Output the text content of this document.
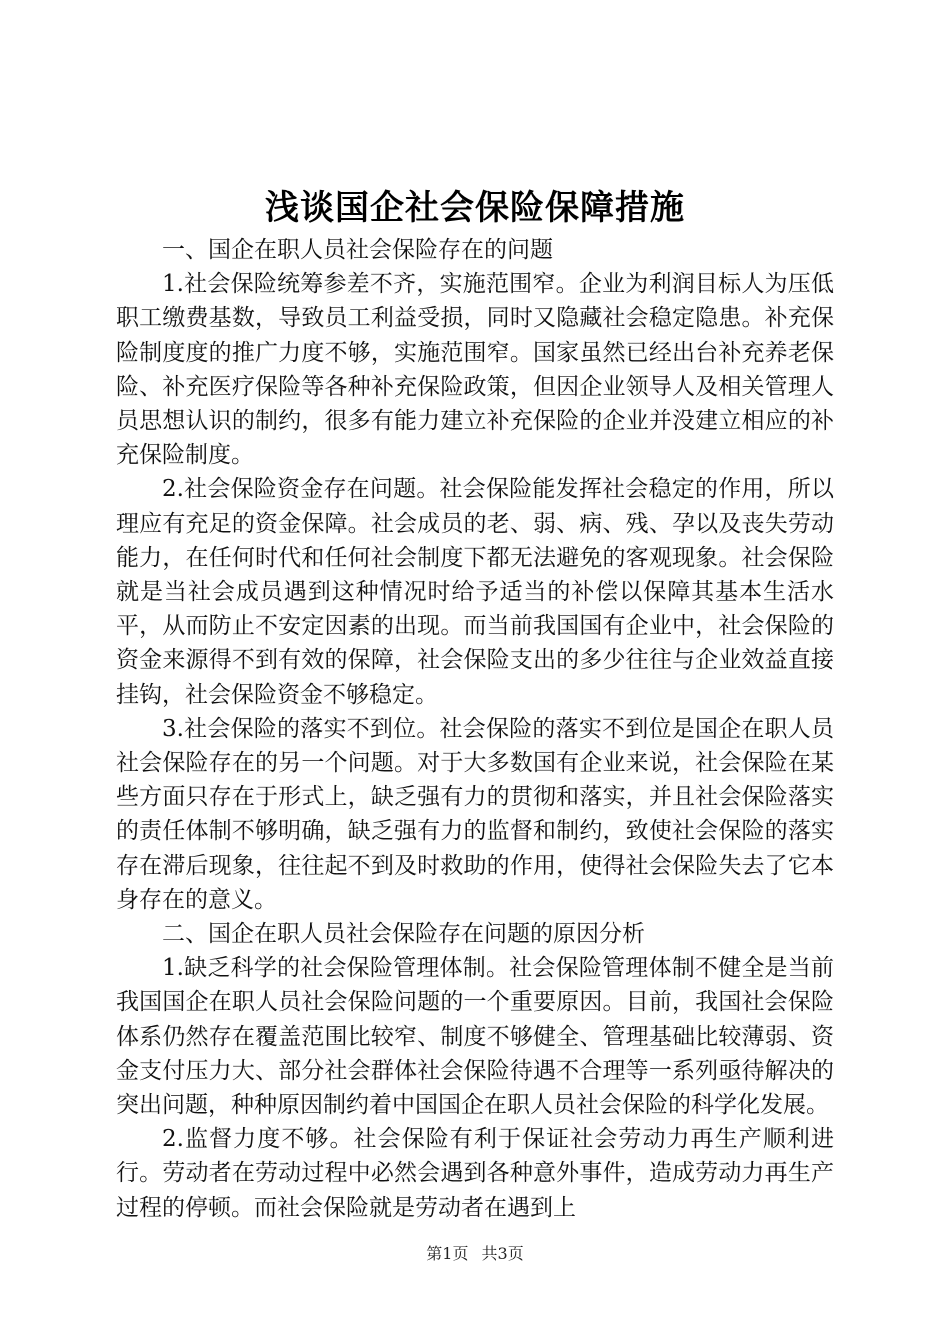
浅谈国企社会保险保障措施

一、国企在职人员社会保险存在的问题

1.社会保险统筹参差不齐，实施范围窄。企业为利润目标人为压低职工缴费基数，导致员工利益受损，同时又隐藏社会稳定隐患。补充保险制度度的推广力度不够，实施范围窄。国家虽然已经出台补充养老保险、补充医疗保险等各种补充保险政策，但因企业领导人及相关管理人员思想认识的制约，很多有能力建立补充保险的企业并没建立相应的补充保险制度。

2.社会保险资金存在问题。社会保险能发挥社会稳定的作用，所以理应有充足的资金保障。社会成员的老、弱、病、残、孕以及丧失劳动能力，在任何时代和任何社会制度下都无法避免的客观现象。社会保险就是当社会成员遇到这种情况时给予适当的补偿以保障其基本生活水平，从而防止不安定因素的出现。而当前我国国有企业中，社会保险的资金来源得不到有效的保障，社会保险支出的多少往往与企业效益直接挂钩，社会保险资金不够稳定。

3.社会保险的落实不到位。社会保险的落实不到位是国企在职人员社会保险存在的另一个问题。对于大多数国有企业来说，社会保险在某些方面只存在于形式上，缺乏强有力的贯彻和落实，并且社会保险落实的责任体制不够明确，缺乏强有力的监督和制约，致使社会保险的落实存在滞后现象，往往起不到及时救助的作用，使得社会保险失去了它本身存在的意义。

二、国企在职人员社会保险存在问题的原因分析

1.缺乏科学的社会保险管理体制。社会保险管理体制不健全是当前我国国企在职人员社会保险问题的一个重要原因。目前，我国社会保险体系仍然存在覆盖范围比较窄、制度不够健全、管理基础比较薄弱、资金支付压力大、部分社会群体社会保险待遇不合理等一系列亟待解决的突出问题，种种原因制约着中国国企在职人员社会保险的科学化发展。

2.监督力度不够。社会保险有利于保证社会劳动力再生产顺利进行。劳动者在劳动过程中必然会遇到各种意外事件，造成劳动力再生产过程的停顿。而社会保险就是劳动者在遇到上

第1页 共3页
